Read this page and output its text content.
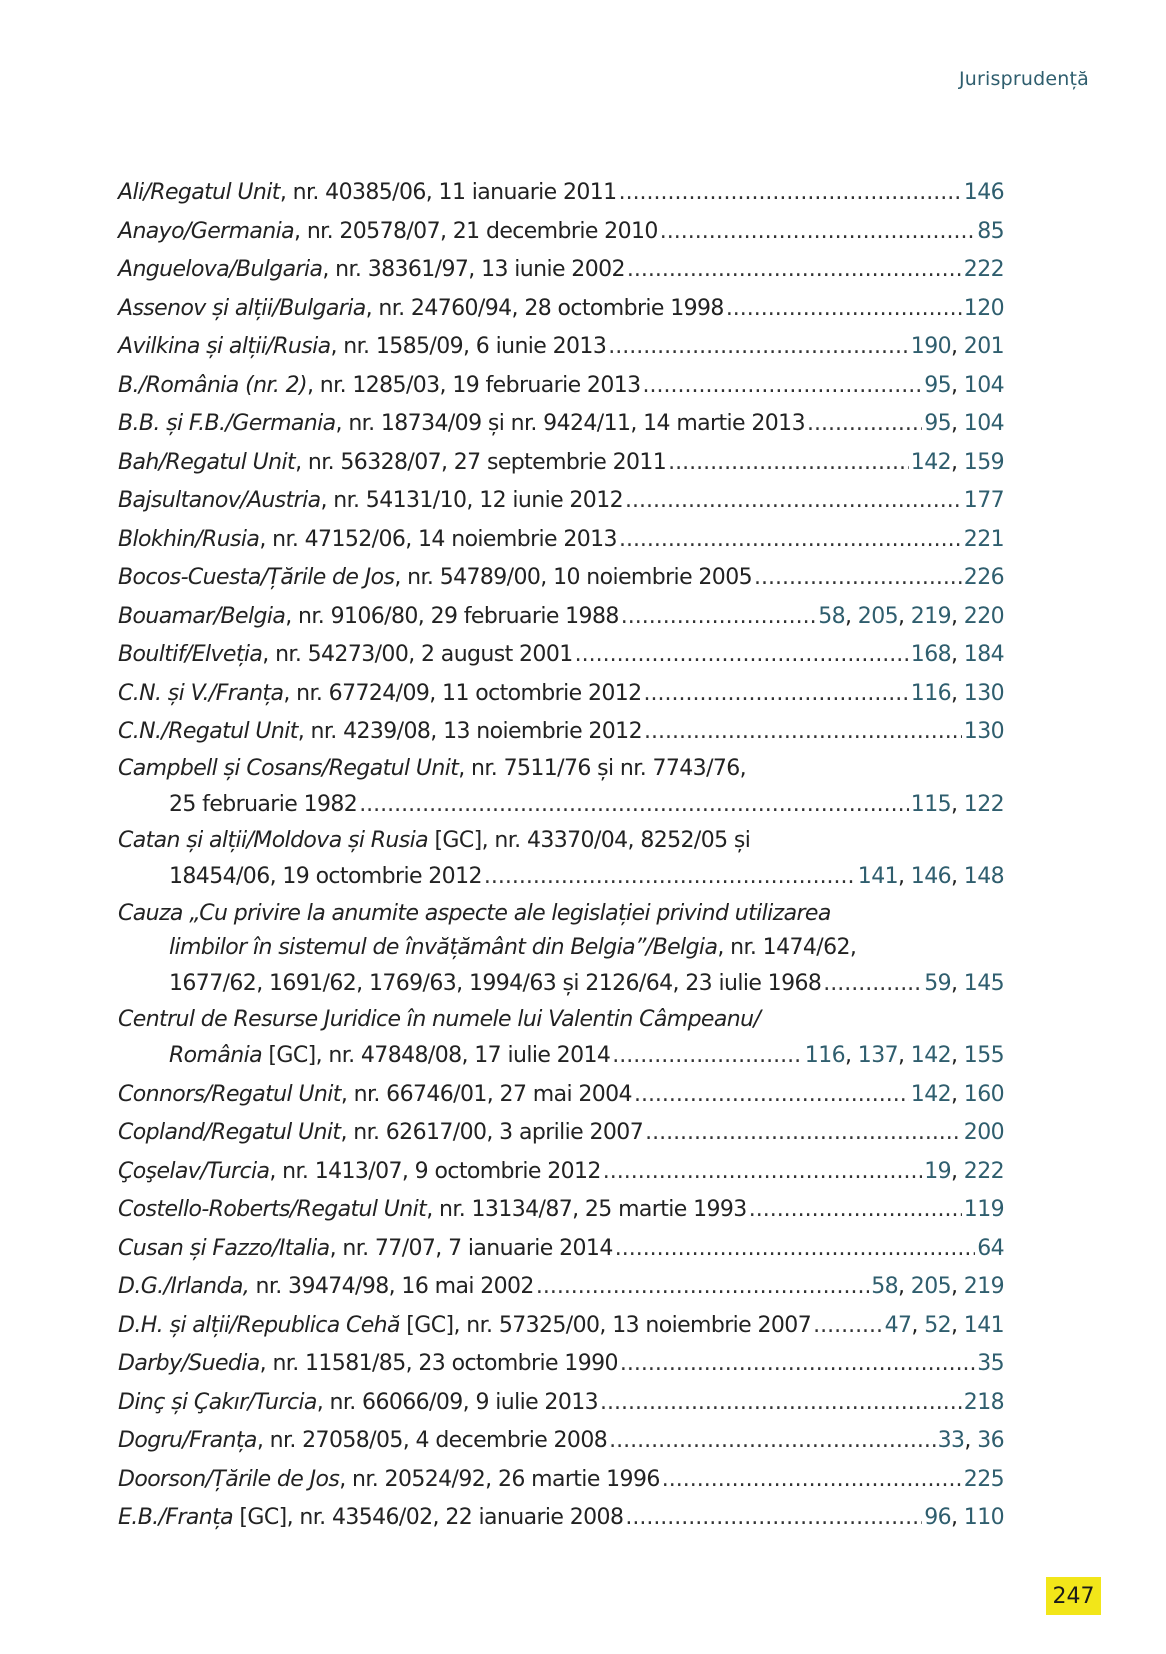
Jurisprudență
Ali/Regatul Unit, nr. 40385/06, 11 ianuarie 2011 .....	146
Anayo/Germania, nr. 20578/07, 21 decembrie 2010 .....	85
Anguelova/Bulgaria, nr. 38361/97, 13 iunie 2002 .....	222
Assenov și alții/Bulgaria, nr. 24760/94, 28 octombrie 1998 .....	120
Avilkina și alții/Rusia, nr. 1585/09, 6 iunie 2013 .....	190, 201
B./România (nr. 2), nr. 1285/03, 19 februarie 2013 .....	95, 104
B.B. și F.B./Germania, nr. 18734/09 și nr. 9424/11, 14 martie 2013 .....	95, 104
Bah/Regatul Unit, nr. 56328/07, 27 septembrie 2011 .....	142, 159
Bajsultanov/Austria, nr. 54131/10, 12 iunie 2012 .....	177
Blokhin/Rusia, nr. 47152/06, 14 noiembrie 2013 .....	221
Bocos-Cuesta/Țările de Jos, nr. 54789/00, 10 noiembrie 2005 .....	226
Bouamar/Belgia, nr. 9106/80, 29 februarie 1988 .....	58, 205, 219, 220
Boultif/Elveția, nr. 54273/00, 2 august 2001 .....	168, 184
C.N. și V./Franța, nr. 67724/09, 11 octombrie 2012 .....	116, 130
C.N./Regatul Unit, nr. 4239/08, 13 noiembrie 2012 .....	130
Campbell și Cosans/Regatul Unit, nr. 7511/76 și nr. 7743/76,
25 februarie 1982 .....	115, 122
Catan și alții/Moldova și Rusia [GC], nr. 43370/04, 8252/05 și
18454/06, 19 octombrie 2012 .....	141, 146, 148
Cauza „Cu privire la anumite aspecte ale legislației privind utilizarea
limbilor în sistemul de învățământ din Belgia”/Belgia, nr. 1474/62,
1677/62, 1691/62, 1769/63, 1994/63 și 2126/64, 23 iulie 1968 .....	59, 145
Centrul de Resurse Juridice în numele lui Valentin Câmpeanu/
România [GC], nr. 47848/08, 17 iulie 2014 .....	116, 137, 142, 155
Connors/Regatul Unit, nr. 66746/01, 27 mai 2004 .....	142, 160
Copland/Regatul Unit, nr. 62617/00, 3 aprilie 2007 .....	200
Çoşelav/Turcia, nr. 1413/07, 9 octombrie 2012 .....	19, 222
Costello-Roberts/Regatul Unit, nr. 13134/87, 25 martie 1993 .....	119
Cusan și Fazzo/Italia, nr. 77/07, 7 ianuarie 2014 .....	64
D.G./Irlanda, nr. 39474/98, 16 mai 2002 .....	58, 205, 219
D.H. și alții/Republica Cehă [GC], nr. 57325/00, 13 noiembrie 2007 .....	47, 52, 141
Darby/Suedia, nr. 11581/85, 23 octombrie 1990 .....	35
Dinç și Çakır/Turcia, nr. 66066/09, 9 iulie 2013 .....	218
Dogru/Franța, nr. 27058/05, 4 decembrie 2008 .....	33, 36
Doorson/Țările de Jos, nr. 20524/92, 26 martie 1996 .....	225
E.B./Franța [GC], nr. 43546/02, 22 ianuarie 2008 .....	96, 110
247
